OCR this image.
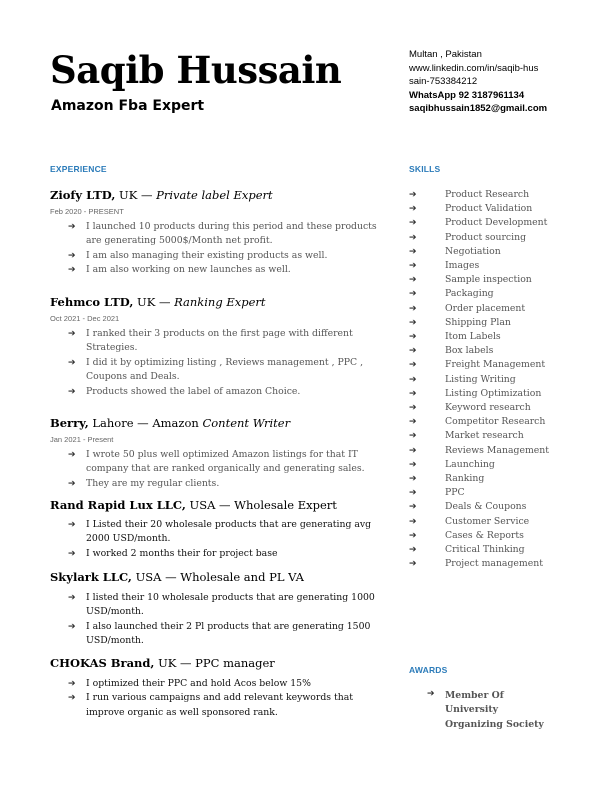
Saqib Hussain
Amazon Fba Expert
Multan , Pakistan
www.linkedin.com/in/saqib-hus
sain-753384212
WhatsApp 92 3187961134
saqibhussain1852@gmail.com
EXPERIENCE
Ziofy LTD, UK — Private label Expert
Feb 2020 - PRESENT
➔ I launched 10 products during this period and these products are generating 5000$/Month net profit.
➔ I am also managing their existing products as well.
➔ I am also working on new launches as well.
Fehmco LTD, UK — Ranking Expert
Oct 2021 - Dec 2021
➔ I ranked their 3 products on the first page with different Strategies.
➔ I did it by optimizing listing , Reviews management , PPC , Coupons and Deals.
➔ Products showed the label of amazon Choice.
Berry, Lahore — Amazon Content Writer
Jan 2021 - Present
➔ I wrote 50 plus well optimized Amazon listings for that IT company that are ranked organically and generating sales.
➔ They are my regular clients.
Rand Rapid Lux LLC, USA — Wholesale Expert
➔ I Listed their 20 wholesale products that are generating avg 2000 USD/month.
➔ I worked 2 months their for project base
Skylark LLC, USA — Wholesale and PL VA
➔ I listed their 10 wholesale products that are generating 1000 USD/month.
➔ I also launched their 2 Pl products that are generating 1500 USD/month.
CHOKAS Brand, UK — PPC manager
➔ I optimized their PPC and hold Acos below 15%
➔ I run various campaigns and add relevant keywords that improve organic as well sponsored rank.
SKILLS
➔	Product Research
➔	Product Validation
➔	Product Development
➔	Product sourcing
➔	Negotiation
➔	Images
➔	Sample inspection
➔	Packaging
➔	Order placement
➔	Shipping Plan
➔	Itom Labels
➔	Box labels
➔	Freight Management
➔	Listing Writing
➔	Listing Optimization
➔	Keyword research
➔	Competitor Research
➔	Market research
➔	Reviews Management
➔	Launching
➔	Ranking
➔	PPC
➔	Deals & Coupons
➔	Customer Service
➔	Cases & Reports
➔	Critical Thinking
➔	Project management
AWARDS
➔ Member Of
University
Organizing Society
